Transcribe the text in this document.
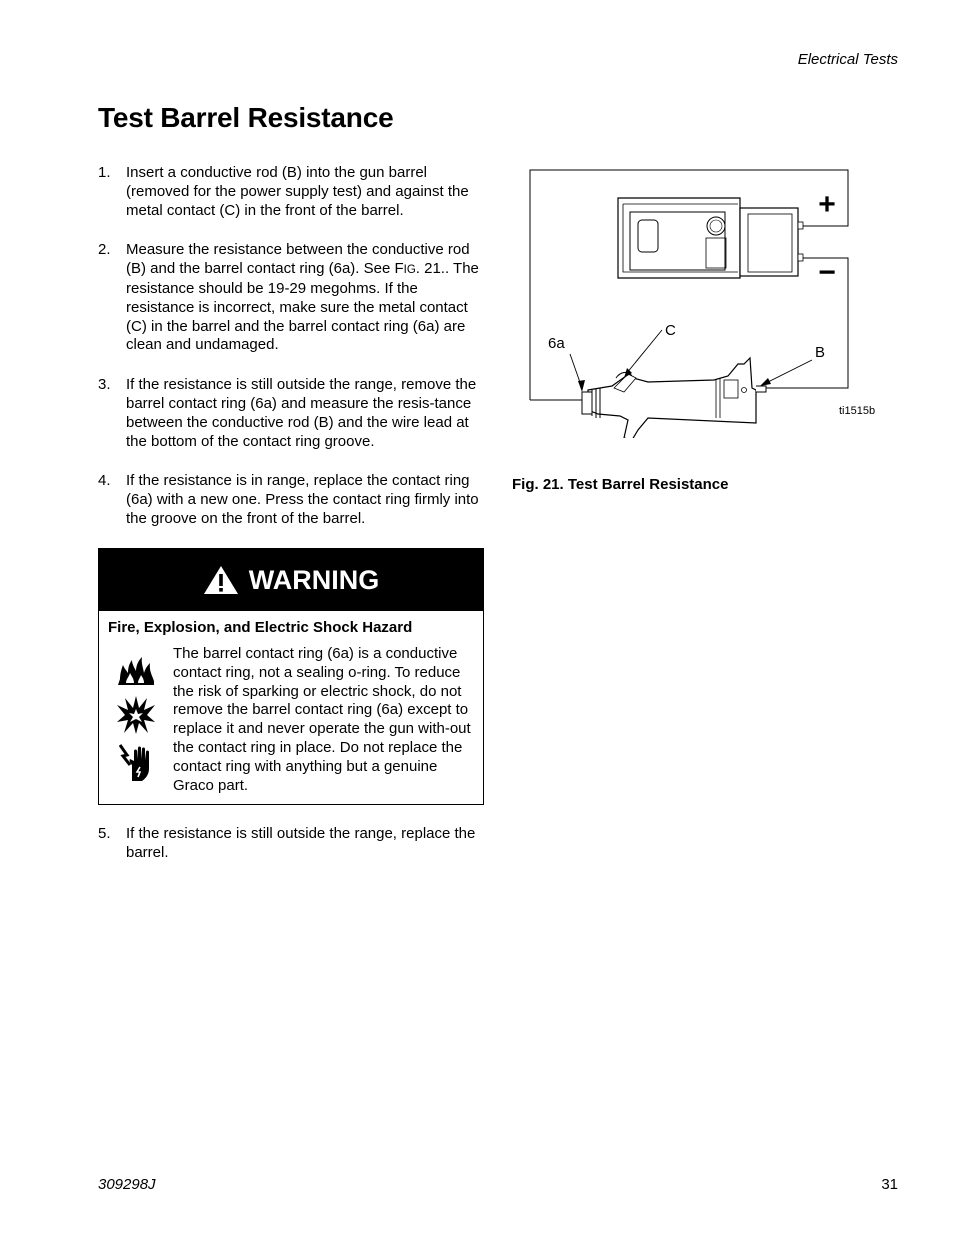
Electrical Tests
Test Barrel Resistance
1.	Insert a conductive rod (B) into the gun barrel (removed for the power supply test) and against the metal contact (C) in the front of the barrel.
2.	Measure the resistance between the conductive rod (B) and the barrel contact ring (6a). See FIG. 21.. The resistance should be 19-29 megohms. If the resistance is incorrect, make sure the metal contact (C) in the barrel and the barrel contact ring (6a) are clean and undamaged.
3.	If the resistance is still outside the range, remove the barrel contact ring (6a) and measure the resis-tance between the conductive rod (B) and the wire lead at the bottom of the contact ring groove.
4.	If the resistance is in range, replace the contact ring (6a) with a new one. Press the contact ring firmly into the groove on the front of the barrel.
WARNING
Fire, Explosion, and Electric Shock Hazard
The barrel contact ring (6a) is a conductive contact ring, not a sealing o-ring. To reduce the risk of sparking or electric shock, do not remove the barrel contact ring (6a) except to replace it and never operate the gun with-out the contact ring in place. Do not replace the contact ring with anything but a genuine Graco part.
5.	If the resistance is still outside the range, replace the barrel.
+
−
6a
C
B
ti1515b
Fig. 21. Test Barrel Resistance
309298J	31
